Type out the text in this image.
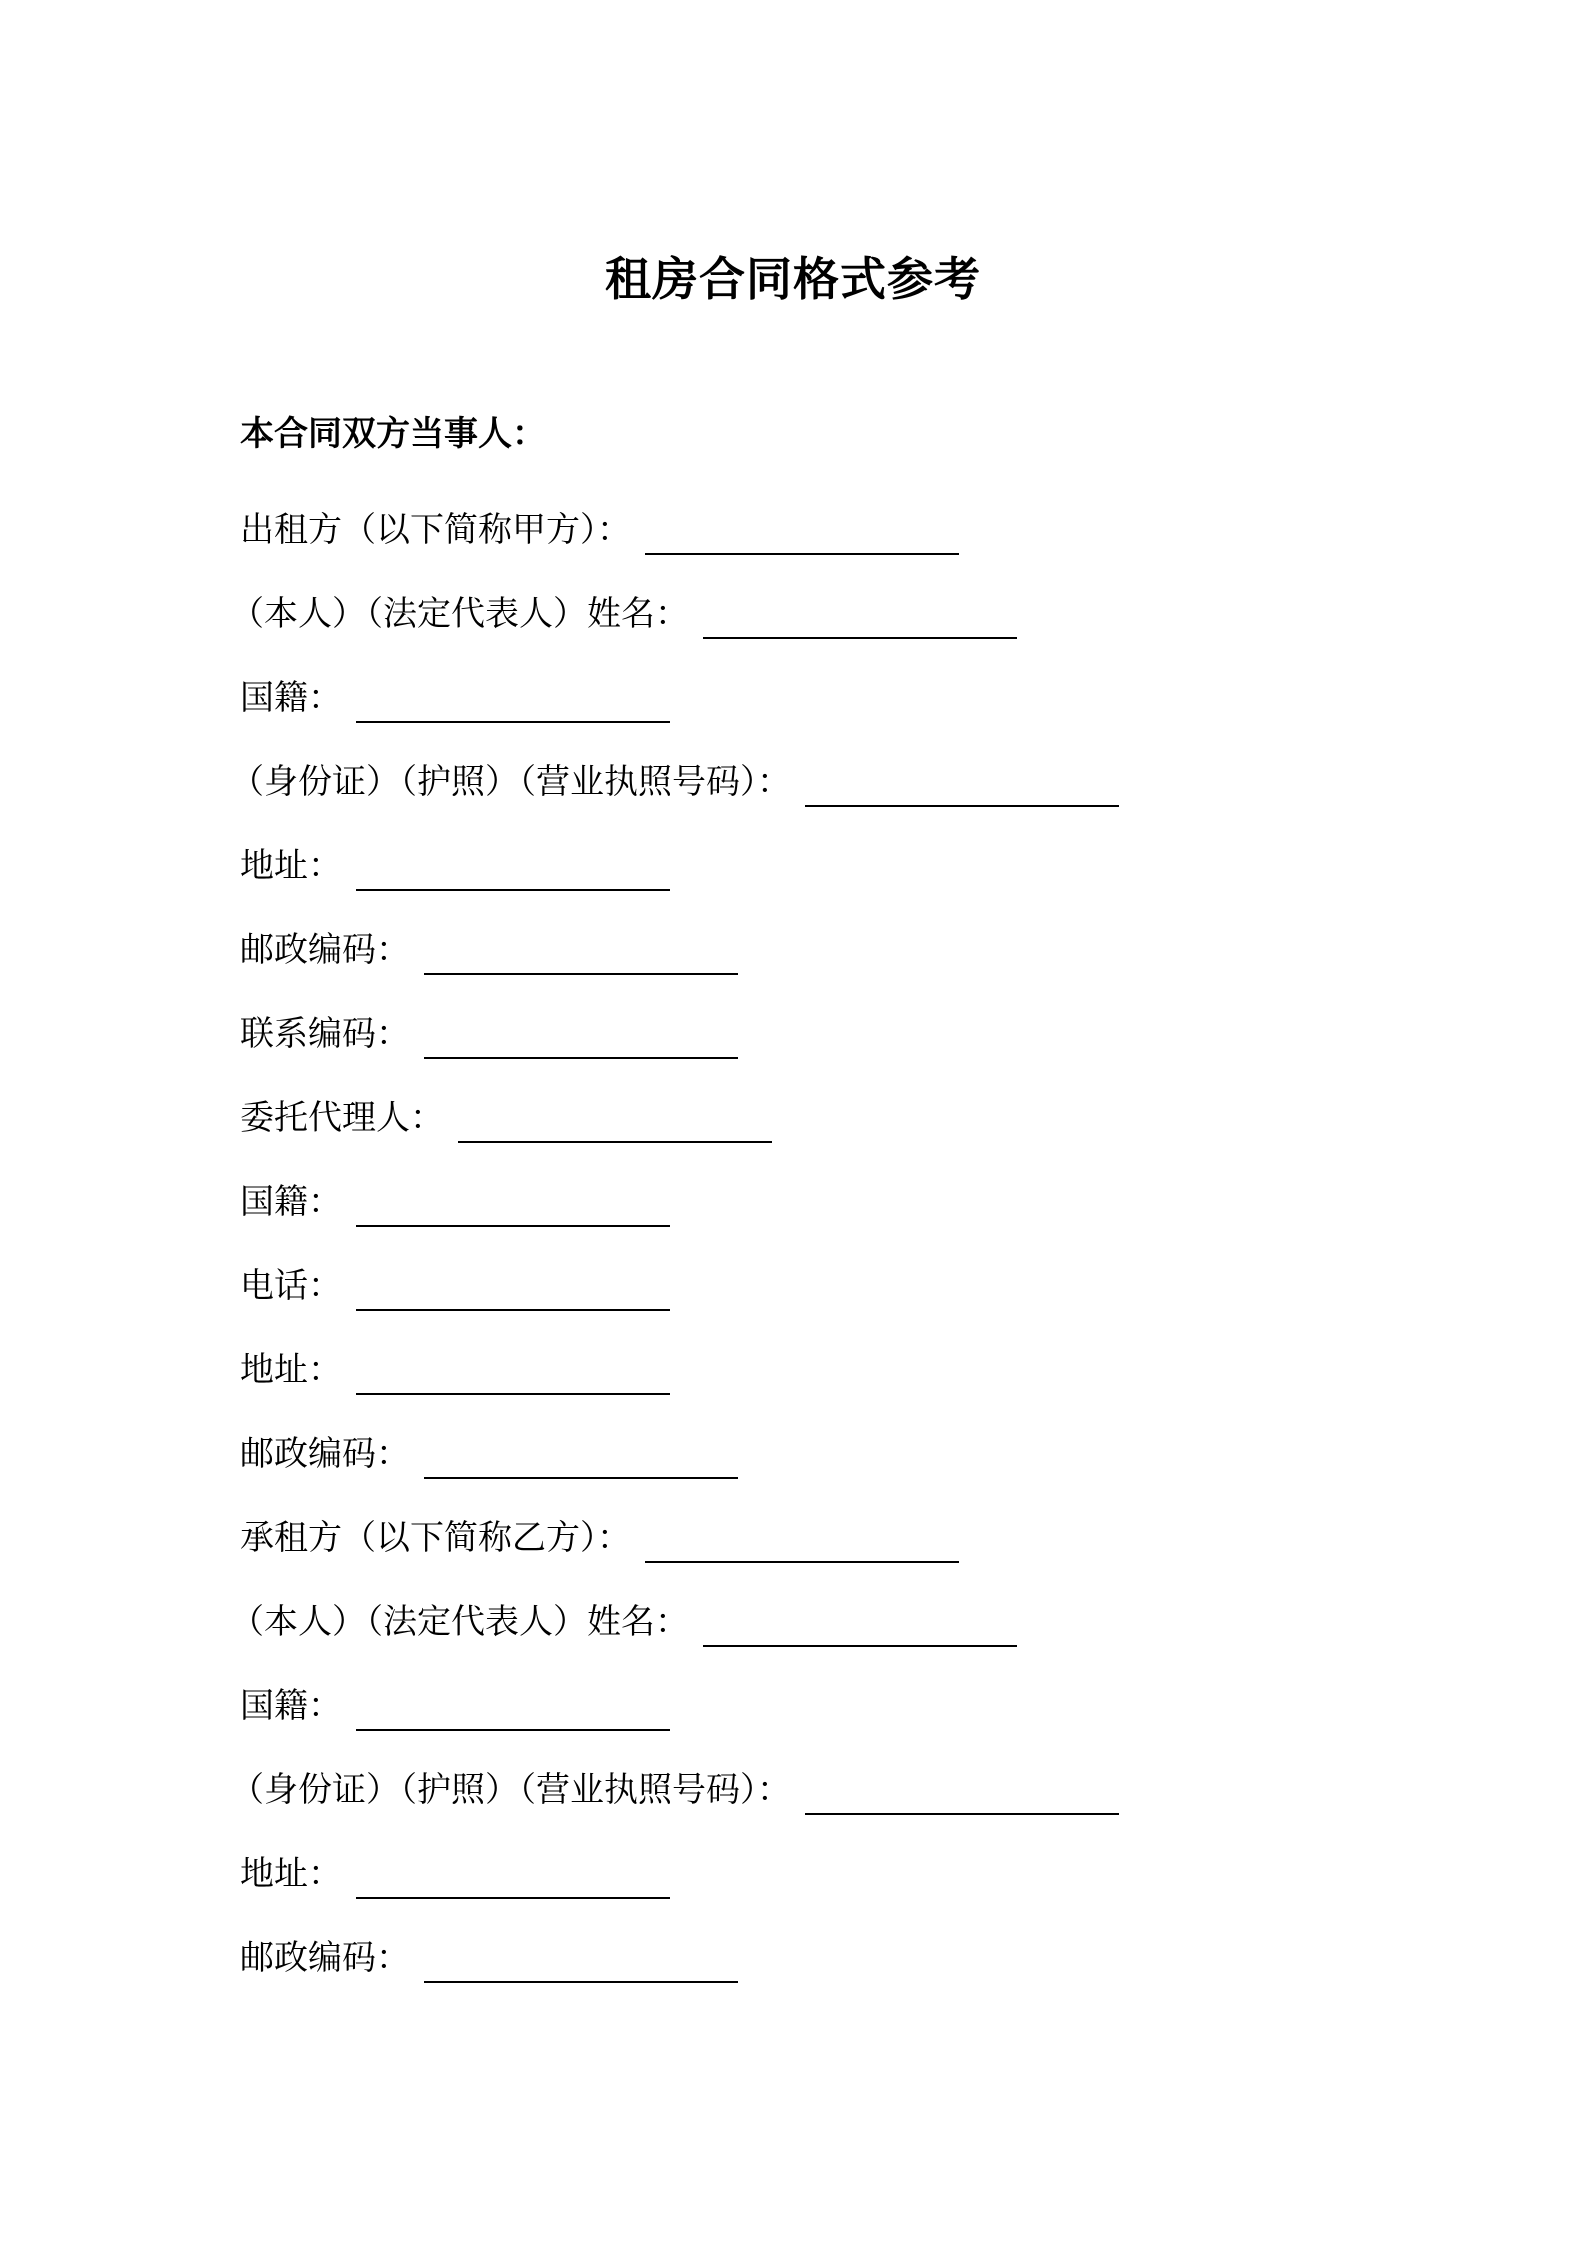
租房合同格式参考
本合同双方当事人：
出租方（以下简称甲方）：
（本人）（法定代表人）姓名：
国籍：
（身份证）（护照）（营业执照号码）：
地址：
邮政编码：
联系编码：
委托代理人：
国籍：
电话：
地址：
邮政编码：
承租方（以下简称乙方）：
（本人）（法定代表人）姓名：
国籍：
（身份证）（护照）（营业执照号码）：
地址：
邮政编码：
